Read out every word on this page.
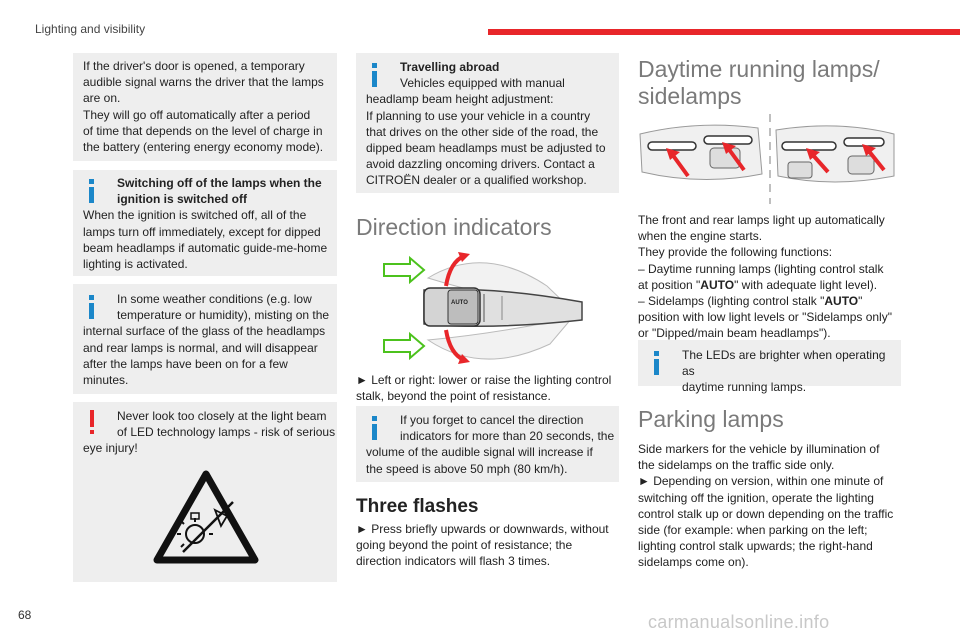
Lighting and visibility

If the driver's door is opened, a temporary

audible signal warns the driver that the lamps

are on.

They will go off automatically after a period

of time that depends on the level of charge in

the battery (entering energy economy mode).

Switching off of the lamps when the

ignition is switched off

When the ignition is switched off, all of the

lamps turn off immediately, except for dipped

beam headlamps if automatic guide-me-home

lighting is activated.

In some weather conditions (e.g. low

temperature or humidity), misting on the

internal surface of the glass of the headlamps

and rear lamps is normal, and will disappear

after the lamps have been on for a few

minutes.

Never look too closely at the light beam

of LED technology lamps - risk of serious

eye injury!

Travelling abroad

Vehicles equipped with manual

headlamp beam height adjustment:

If planning to use your vehicle in a country

that drives on the other side of the road, the

dipped beam headlamps must be adjusted to

avoid dazzling oncoming drivers. Contact a

CITROËN dealer or a qualified workshop.

Direction indicators
AUTO

► Left or right: lower or raise the lighting control

stalk, beyond the point of resistance.

If you forget to cancel the direction

indicators for more than 20 seconds, the

volume of the audible signal will increase if

the speed is above 50 mph (80 km/h).

Three flashes

► Press briefly upwards or downwards, without

going beyond the point of resistance; the

direction indicators will flash 3 times.

Daytime running lamps/
sidelamps

The front and rear lamps light up automatically

when the engine starts.

They provide the following functions:

– Daytime running lamps (lighting control stalk

at position "AUTO" with adequate light level).

– Sidelamps (lighting control stalk "AUTO"

position with low light levels or "Sidelamps only"

or "Dipped/main beam headlamps").

The LEDs are brighter when operating as

daytime running lamps.

Parking lamps

Side markers for the vehicle by illumination of

the sidelamps on the traffic side only.

► Depending on version, within one minute of

switching off the ignition, operate the lighting

control stalk up or down depending on the traffic

side (for example: when parking on the left;

lighting control stalk upwards; the right-hand

sidelamps come on).

68	carmanualsonline.info
